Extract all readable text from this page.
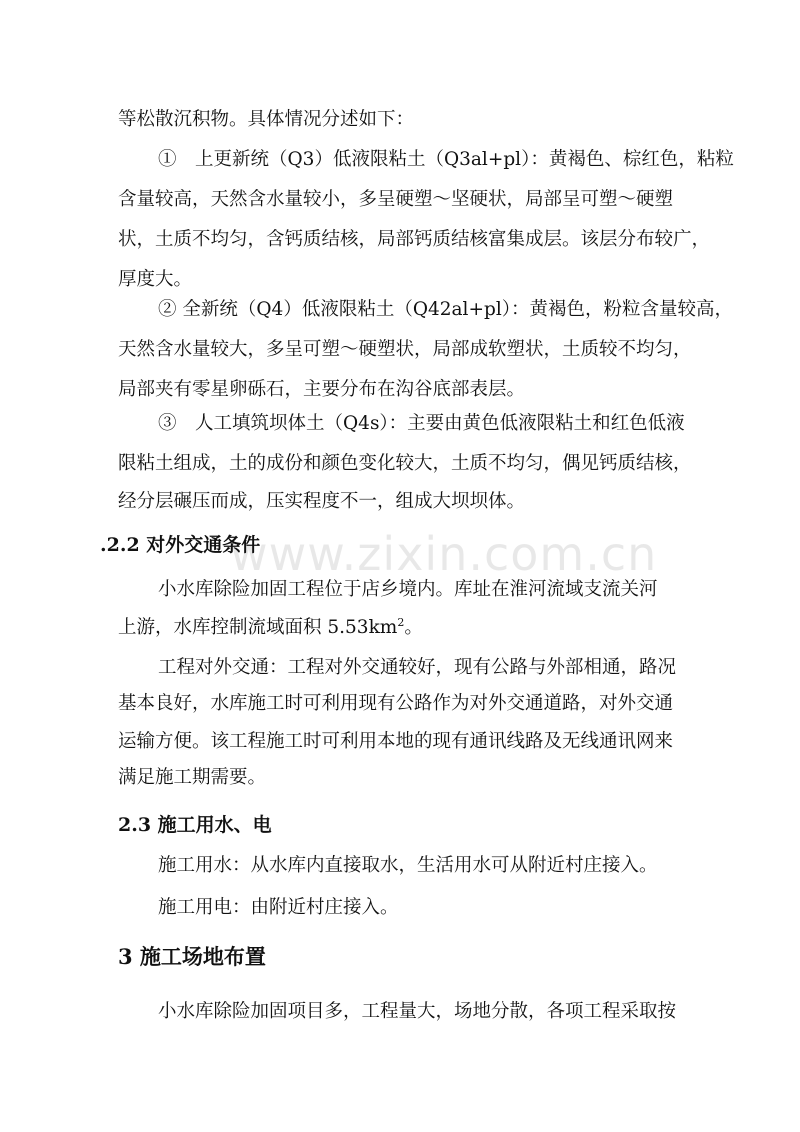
www.zixin.com.cn
等松散沉积物。具体情况分述如下：
①　上更新统（Q3）低液限粘土（Q3al+pl）：黄褐色、棕红色，粘粒
含量较高，天然含水量较小，多呈硬塑～坚硬状，局部呈可塑～硬塑
状，土质不均匀，含钙质结核，局部钙质结核富集成层。该层分布较广，
厚度大。
② 全新统（Q4）低液限粘土（Q42al+pl）：黄褐色，粉粒含量较高，
天然含水量较大，多呈可塑～硬塑状，局部成软塑状，土质较不均匀，
局部夹有零星卵砾石，主要分布在沟谷底部表层。
③　人工填筑坝体土（Q4s）：主要由黄色低液限粘土和红色低液
限粘土组成，土的成份和颜色变化较大，土质不均匀，偶见钙质结核，
经分层碾压而成，压实程度不一，组成大坝坝体。
.2.2 对外交通条件
小水库除险加固工程位于店乡境内。库址在淮河流域支流关河
上游，水库控制流域面积 $5.53km^2$。
工程对外交通：工程对外交通较好，现有公路与外部相通，路况
基本良好，水库施工时可利用现有公路作为对外交通道路，对外交通
运输方便。该工程施工时可利用本地的现有通讯线路及无线通讯网来
满足施工期需要。
2.3 施工用水、电
施工用水：从水库内直接取水，生活用水可从附近村庄接入。
施工用电：由附近村庄接入。
3 施工场地布置
小水库除险加固项目多，工程量大，场地分散，各项工程采取按
